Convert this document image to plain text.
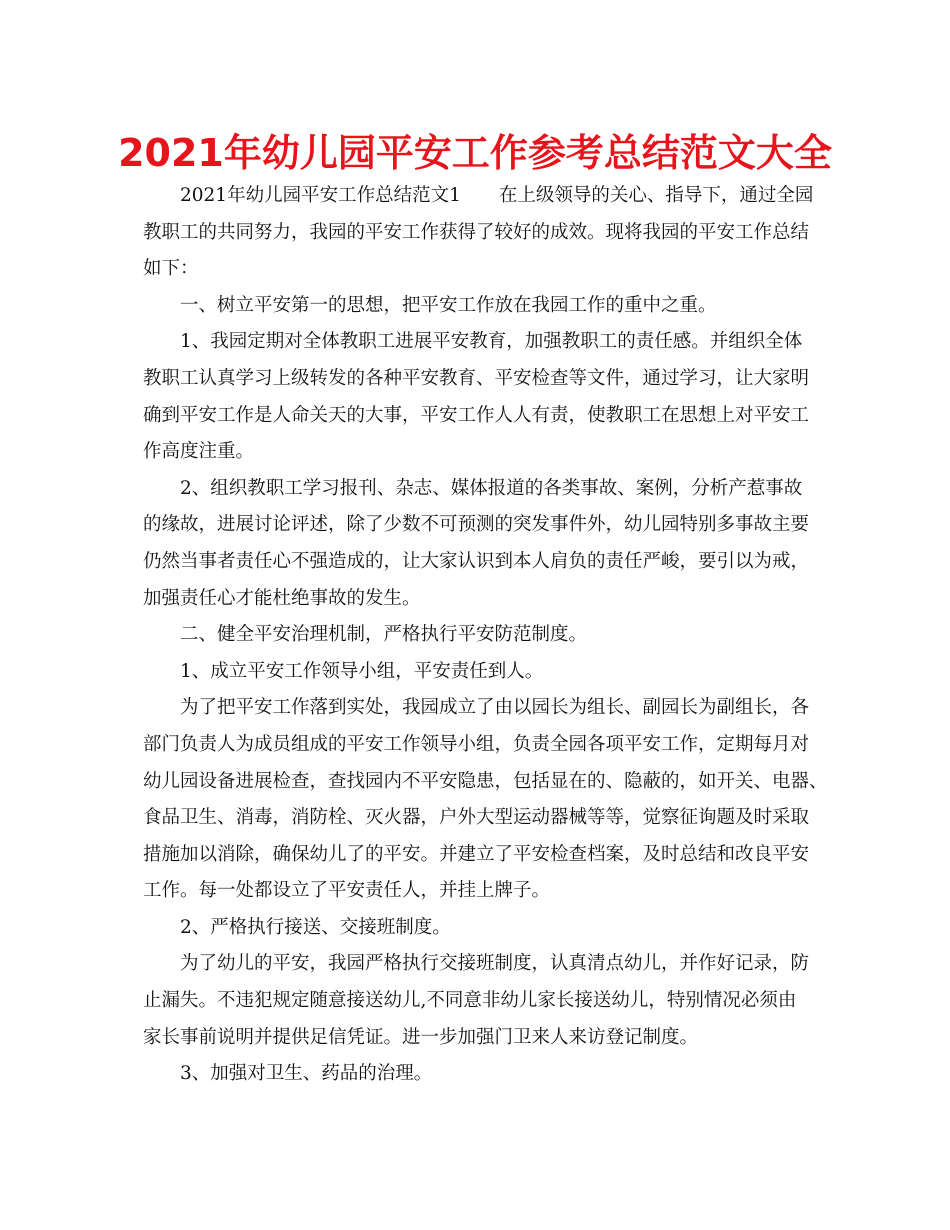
2021年幼儿园平安工作参考总结范文大全
2021年幼儿园平安工作总结范文1 在上级领导的关心、指导下，通过全园
教职工的共同努力，我园的平安工作获得了较好的成效。现将我园的平安工作总结
如下：
一、树立平安第一的思想，把平安工作放在我园工作的重中之重。
1、我园定期对全体教职工进展平安教育，加强教职工的责任感。并组织全体
教职工认真学习上级转发的各种平安教育、平安检查等文件，通过学习，让大家明
确到平安工作是人命关天的大事，平安工作人人有责，使教职工在思想上对平安工
作高度注重。
2、组织教职工学习报刊、杂志、媒体报道的各类事故、案例，分析产惹事故
的缘故，进展讨论评述，除了少数不可预测的突发事件外，幼儿园特别多事故主要
仍然当事者责任心不强造成的，让大家认识到本人肩负的责任严峻，要引以为戒，
加强责任心才能杜绝事故的发生。
二、健全平安治理机制，严格执行平安防范制度。
1、成立平安工作领导小组，平安责任到人。
为了把平安工作落到实处，我园成立了由以园长为组长、副园长为副组长，各
部门负责人为成员组成的平安工作领导小组，负责全园各项平安工作，定期每月对
幼儿园设备进展检查，查找园内不平安隐患，包括显在的、隐蔽的，如开关、电器、
食品卫生、消毒，消防栓、灭火器，户外大型运动器械等等，觉察征询题及时采取
措施加以消除，确保幼儿了的平安。并建立了平安检查档案，及时总结和改良平安
工作。每一处都设立了平安责任人，并挂上牌子。
2、严格执行接送、交接班制度。
为了幼儿的平安，我园严格执行交接班制度，认真清点幼儿，并作好记录，防
止漏失。不违犯规定随意接送幼儿,不同意非幼儿家长接送幼儿，特别情况必须由
家长事前说明并提供足信凭证。进一步加强门卫来人来访登记制度。
3、加强对卫生、药品的治理。
